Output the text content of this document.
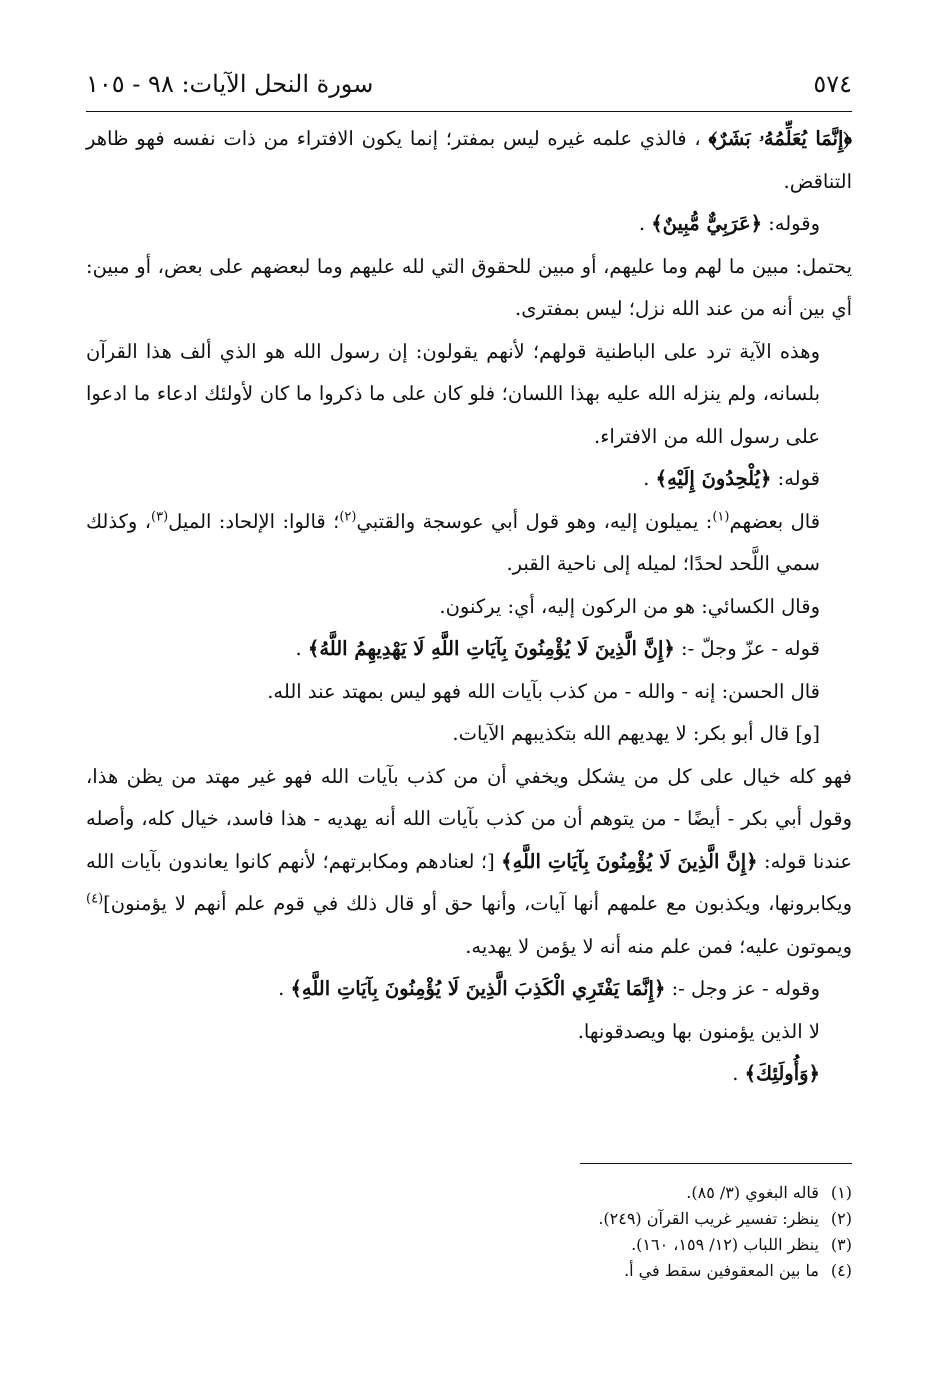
٥٧٤
سورة النحل الآيات: ٩٨ - ١٠٥

﴿إِنَّمَا يُعَلِّمُهُۥ بَشَرٌ﴾ ، فالذي علمه غيره ليس بمفتر؛ إنما يكون الافتراء من ذات نفسه فهو ظاهر التناقض.

وقوله: ﴿عَرَبِيٌّ مُّبِينٌ﴾ .

يحتمل: مبين ما لهم وما عليهم، أو مبين للحقوق التي لله عليهم وما لبعضهم على بعض، أو مبين: أي بين أنه من عند الله نزل؛ ليس بمفترى.

وهذه الآية ترد على الباطنية قولهم؛ لأنهم يقولون: إن رسول الله هو الذي ألف هذا القرآن بلسانه، ولم ينزله الله عليه بهذا اللسان؛ فلو كان على ما ذكروا ما كان لأولئك ادعاء ما ادعوا على رسول الله من الافتراء.

قوله: ﴿يُلْحِدُونَ إِلَيْهِ﴾ .

قال بعضهم$^{(١)}$: يميلون إليه، وهو قول أبي عوسجة والقتبي$^{(٢)}$؛ قالوا: الإلحاد: الميل$^{(٣)}$، وكذلك سمي اللَّحد لحدًا؛ لميله إلى ناحية القبر.

وقال الكسائي: هو من الركون إليه، أي: يركنون.

قوله - عزّ وجلّ -: ﴿إِنَّ الَّذِينَ لَا يُؤْمِنُونَ بِآيَاتِ اللَّهِ لَا يَهْدِيهِمُ اللَّهُ﴾ .

قال الحسن: إنه - والله - من كذب بآيات الله فهو ليس بمهتد عند الله.

[و] قال أبو بكر: لا يهديهم الله بتكذيبهم الآيات.

فهو كله خيال على كل من يشكل ويخفي أن من كذب بآيات الله فهو غير مهتد من يظن هذا، وقول أبي بكر - أيضًا - من يتوهم أن من كذب بآيات الله أنه يهديه - هذا فاسد، خيال كله، وأصله عندنا قوله: ﴿إِنَّ الَّذِينَ لَا يُؤْمِنُونَ بِآيَاتِ اللَّهِ﴾ [؛ لعنادهم ومكابرتهم؛ لأنهم كانوا يعاندون بآيات الله ويكابرونها، ويكذبون مع علمهم أنها آيات، وأنها حق أو قال ذلك في قوم علم أنهم لا يؤمنون]$^{(٤)}$ ويموتون عليه؛ فمن علم منه أنه لا يؤمن لا يهديه.

وقوله - عز وجل -: ﴿إِنَّمَا يَفْتَرِي الْكَذِبَ الَّذِينَ لَا يُؤْمِنُونَ بِآيَاتِ اللَّهِ﴾ .

لا الذين يؤمنون بها ويصدقونها.

﴿وَأُولَئِكَ﴾ .

(١) قاله البغوي (٣/ ٨٥).
(٢) ينظر: تفسير غريب القرآن (٢٤٩).
(٣) ينظر اللباب (١٢/ ١٥٩، ١٦٠).
(٤) ما بين المعقوفين سقط في أ.
